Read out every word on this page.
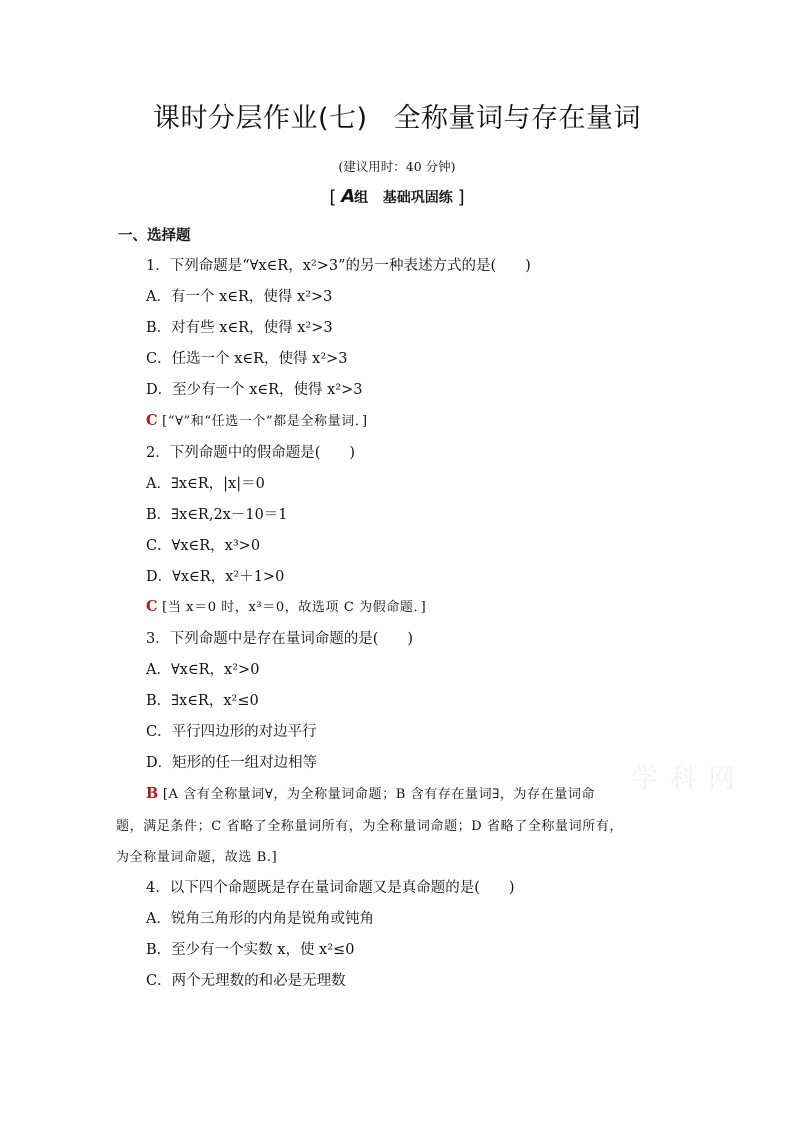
课时分层作业(七) 全称量词与存在量词
(建议用时：40 分钟)
[ A组 基础巩固练 ]
一、选择题
1．下列命题是“∀x∈R，x²>3”的另一种表述方式的是(　　)
A．有一个 x∈R，使得 x²>3
B．对有些 x∈R，使得 x²>3
C．任选一个 x∈R，使得 x²>3
D．至少有一个 x∈R，使得 x²>3
C [“∀”和“任选一个”都是全称量词．]
2．下列命题中的假命题是(　　)
A．∃x∈R，|x|＝0
B．∃x∈R,2x－10＝1
C．∀x∈R，x³>0
D．∀x∈R，x²＋1>0
C [当 x＝0 时，x³＝0，故选项 C 为假命题．]
3．下列命题中是存在量词命题的是(　　)
A．∀x∈R，x²>0
B．∃x∈R，x²≤0
C．平行四边形的对边平行
D．矩形的任一组对边相等
B [A 含有全称量词∀，为全称量词命题；B 含有存在量词∃，为存在量词命
题，满足条件；C 省略了全称量词所有，为全称量词命题；D 省略了全称量词所有，
为全称量词命题，故选 B.]
4．以下四个命题既是存在量词命题又是真命题的是(　　)
A．锐角三角形的内角是锐角或钝角
B．至少有一个实数 x，使 x²≤0
C．两个无理数的和必是无理数
学 科 网
